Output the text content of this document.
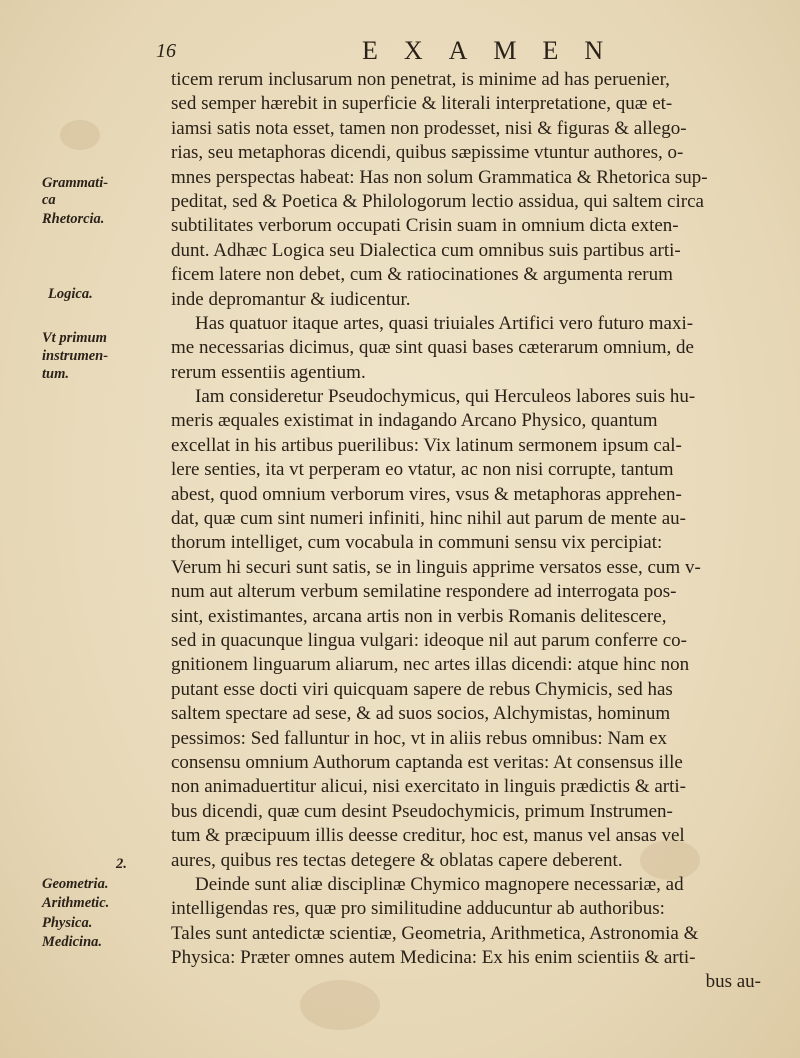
16	EXAMEN
Grammati-
ca
Rhetorcia.
Logica.
Vt primum
instrumen-
tum.
2.
Geometria.
Arithmetic.
Physica.
Medicina.
ticem rerum inclusarum non penetrat, is minime ad has peruenier,
sed semper hærebit in superficie & literali interpretatione, quæ et-
iamsi satis nota esset, tamen non prodesset, nisi & figuras & allego-
rias, seu metaphoras dicendi, quibus sæpissime vtuntur authores, o-
mnes perspectas habeat: Has non solum Grammatica & Rhetorica sup-
peditat, sed & Poetica & Philologorum lectio assidua, qui saltem circa
subtilitates verborum occupati Crisin suam in omnium dicta exten-
dunt. Adhæc Logica seu Dialectica cum omnibus suis partibus arti-
ficem latere non debet, cum & ratiocinationes & argumenta rerum
inde depromantur & iudicentur.
Has quatuor itaque artes, quasi triuiales Artifici vero futuro maxi-
me necessarias dicimus, quæ sint quasi bases cæterarum omnium, de
rerum essentiis agentium.
Iam consideretur Pseudochymicus, qui Herculeos labores suis hu-
meris æquales existimat in indagando Arcano Physico, quantum
excellat in his artibus puerilibus: Vix latinum sermonem ipsum cal-
lere senties, ita vt perperam eo vtatur, ac non nisi corrupte, tantum
abest, quod omnium verborum vires, vsus & metaphoras apprehen-
dat, quæ cum sint numeri infiniti, hinc nihil aut parum de mente au-
thorum intelliget, cum vocabula in communi sensu vix percipiat:
Verum hi securi sunt satis, se in linguis apprime versatos esse, cum v-
num aut alterum verbum semilatine respondere ad interrogata pos-
sint, existimantes, arcana artis non in verbis Romanis delitescere,
sed in quacunque lingua vulgari: ideoque nil aut parum conferre co-
gnitionem linguarum aliarum, nec artes illas dicendi: atque hinc non
putant esse docti viri quicquam sapere de rebus Chymicis, sed has
saltem spectare ad sese, & ad suos socios, Alchymistas, hominum
pessimos: Sed falluntur in hoc, vt in aliis rebus omnibus: Nam ex
consensu omnium Authorum captanda est veritas: At consensus ille
non animaduertitur alicui, nisi exercitato in linguis prædictis & arti-
bus dicendi, quæ cum desint Pseudochymicis, primum Instrumen-
tum & præcipuum illis deesse creditur, hoc est, manus vel ansas vel
aures, quibus res tectas detegere & oblatas capere deberent.
Deinde sunt aliæ disciplinæ Chymico magnopere necessariæ, ad
intelligendas res, quæ pro similitudine adducuntur ab authoribus:
Tales sunt antedictæ scientiæ, Geometria, Arithmetica, Astronomia &
Physica: Præter omnes autem Medicina: Ex his enim scientiis & arti-
bus au-
